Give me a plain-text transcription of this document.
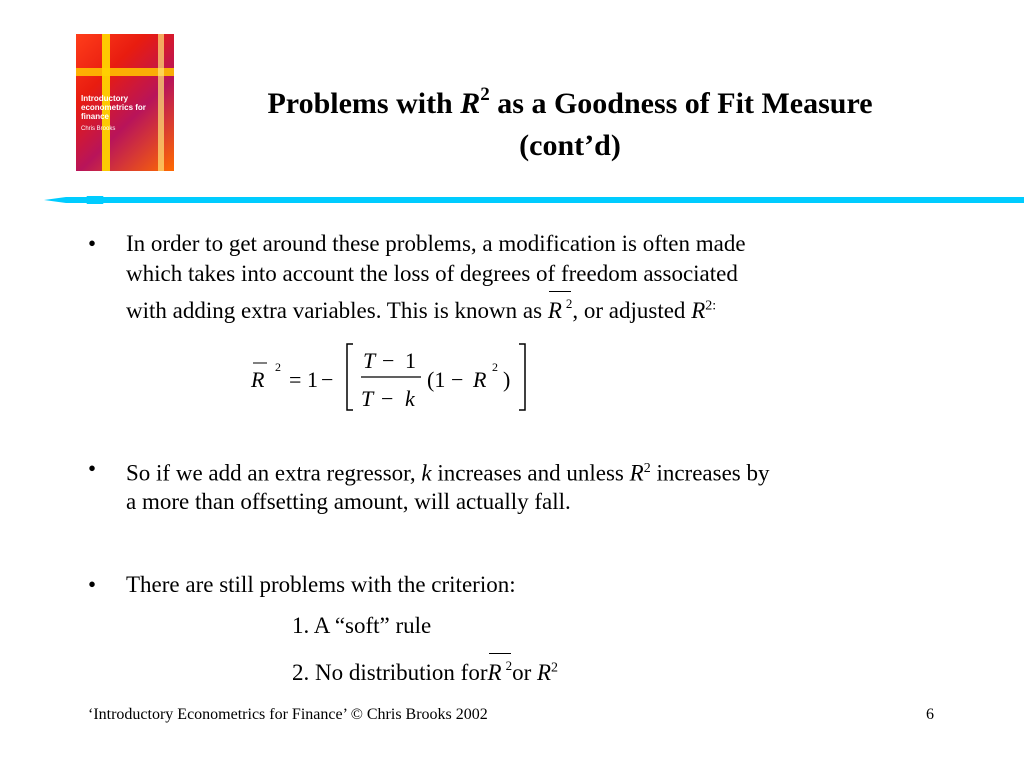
Introductory econometrics for finance
Chris Brooks
Problems with $R^2$ as a Goodness of Fit Measure
(cont’d)
• In order to get around these problems, a modification is often made
which takes into account the loss of degrees of freedom associated
with adding extra variables. This is known as
R $^2$, or adjusted $R^{2:}$
R 2 = 1 −
T − 1
T − k
(1 − R 2 )
• So if we add an extra regressor, k increases and unless $R^2$ increases by
a more than offsetting amount, will actually fall.
• There are still problems with the criterion:
1. A “soft” rule
2. No distribution for
R $^2$or $R^2$
‘Introductory Econometrics for Finance’ © Chris Brooks 2002	6
